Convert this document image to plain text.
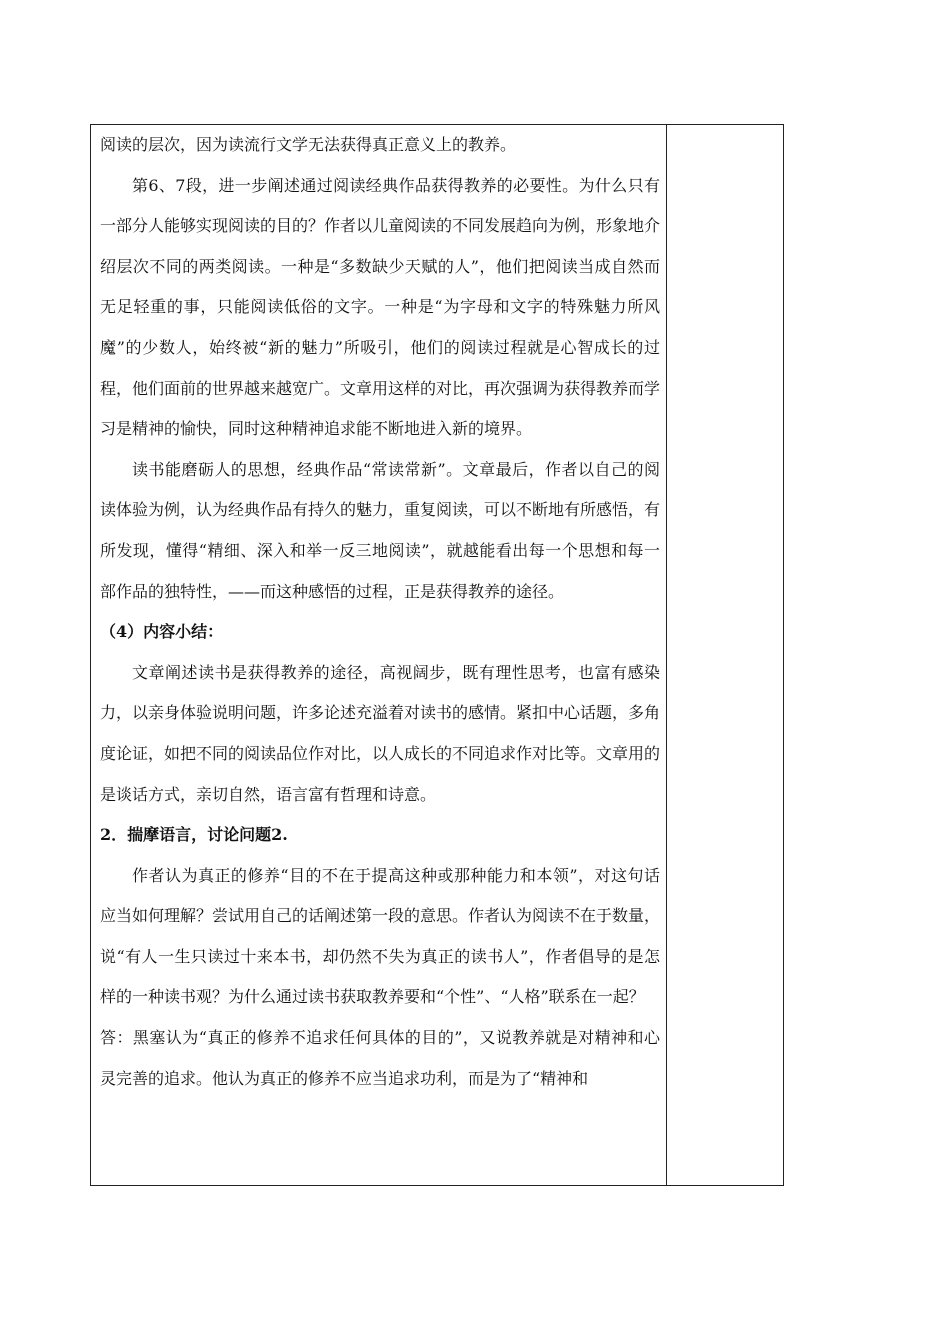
阅读的层次，因为读流行文学无法获得真正意义上的教养。

第6、7段，进一步阐述通过阅读经典作品获得教养的必要性。为什么只有一部分人能够实现阅读的目的？作者以儿童阅读的不同发展趋向为例，形象地介绍层次不同的两类阅读。一种是“多数缺少天赋的人”，他们把阅读当成自然而无足轻重的事，只能阅读低俗的文字。一种是“为字母和文字的特殊魅力所风魔”的少数人，始终被“新的魅力”所吸引，他们的阅读过程就是心智成长的过程，他们面前的世界越来越宽广。文章用这样的对比，再次强调为获得教养而学习是精神的愉快，同时这种精神追求能不断地进入新的境界。

读书能磨砺人的思想，经典作品“常读常新”。文章最后，作者以自己的阅读体验为例，认为经典作品有持久的魅力，重复阅读，可以不断地有所感悟，有所发现，懂得“精细、深入和举一反三地阅读”，就越能看出每一个思想和每一部作品的独特性，——而这种感悟的过程，正是获得教养的途径。

（4）内容小结：

文章阐述读书是获得教养的途径，高视阔步，既有理性思考，也富有感染力，以亲身体验说明问题，许多论述充溢着对读书的感情。紧扣中心话题，多角度论证，如把不同的阅读品位作对比，以人成长的不同追求作对比等。文章用的是谈话方式，亲切自然，语言富有哲理和诗意。

2．揣摩语言，讨论问题2.

作者认为真正的修养“目的不在于提高这种或那种能力和本领”，对这句话应当如何理解？尝试用自己的话阐述第一段的意思。作者认为阅读不在于数量，说“有人一生只读过十来本书，却仍然不失为真正的读书人”，作者倡导的是怎样的一种读书观？为什么通过读书获取教养要和“个性”、“人格”联系在一起？

答：黑塞认为“真正的修养不追求任何具体的目的”，又说教养就是对精神和心灵完善的追求。他认为真正的修养不应当追求功利，而是为了“精神和
